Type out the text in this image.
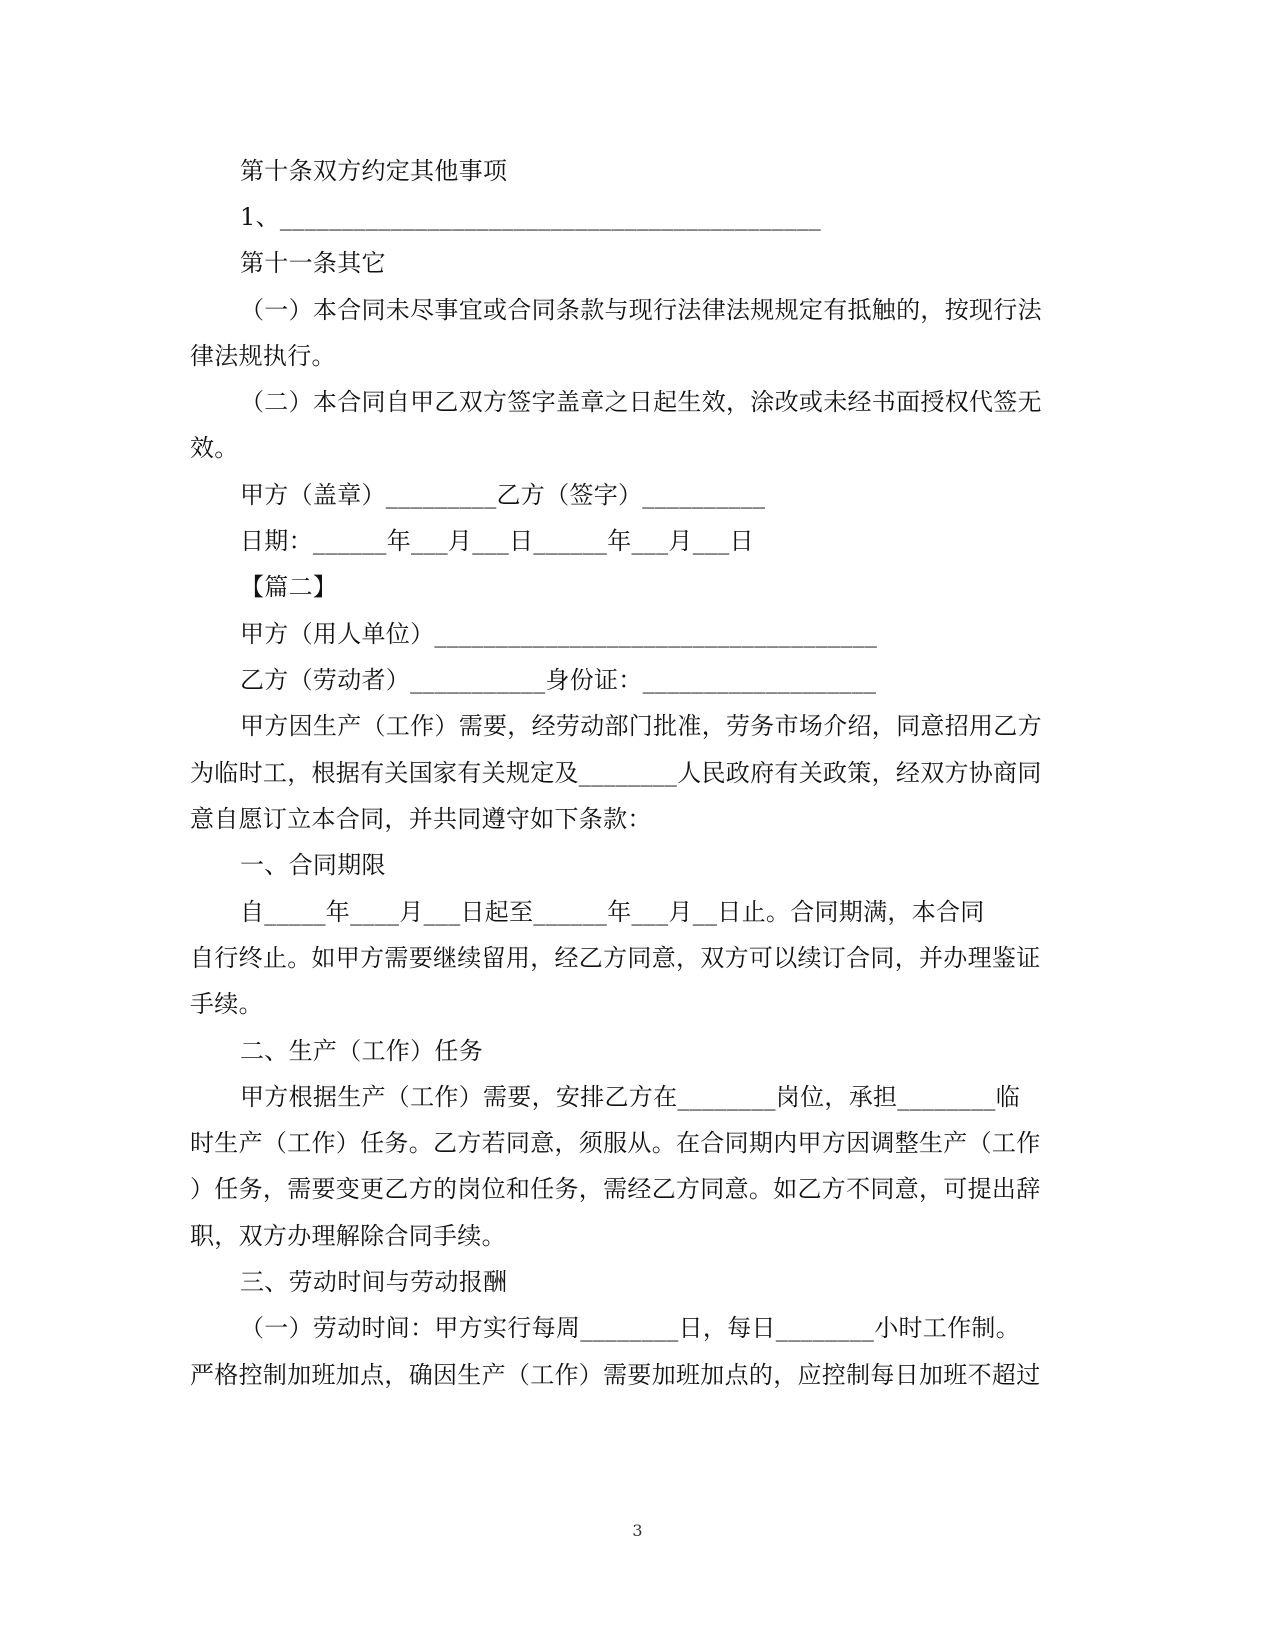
第十条双方约定其他事项
1、____________________________________________
第十一条其它
（一）本合同未尽事宜或合同条款与现行法律法规规定有抵触的，按现行法
律法规执行。
（二）本合同自甲乙双方签字盖章之日起生效，涂改或未经书面授权代签无
效。
甲方（盖章）_________乙方（签字）__________
日期：______年___月___日______年___月___日
【篇二】
甲方（用人单位）____________________________________
乙方（劳动者）___________身份证：___________________
甲方因生产（工作）需要，经劳动部门批准，劳务市场介绍，同意招用乙方
为临时工，根据有关国家有关规定及________人民政府有关政策，经双方协商同
意自愿订立本合同，并共同遵守如下条款：
一、合同期限
自_____年____月___日起至______年___月__日止。合同期满，本合同
自行终止。如甲方需要继续留用，经乙方同意，双方可以续订合同，并办理鉴证
手续。
二、生产（工作）任务
甲方根据生产（工作）需要，安排乙方在________岗位，承担________临
时生产（工作）任务。乙方若同意，须服从。在合同期内甲方因调整生产（工作
）任务，需要变更乙方的岗位和任务，需经乙方同意。如乙方不同意，可提出辞
职，双方办理解除合同手续。
三、劳动时间与劳动报酬
（一）劳动时间：甲方实行每周________日，每日________小时工作制。
严格控制加班加点，确因生产（工作）需要加班加点的，应控制每日加班不超过
3
